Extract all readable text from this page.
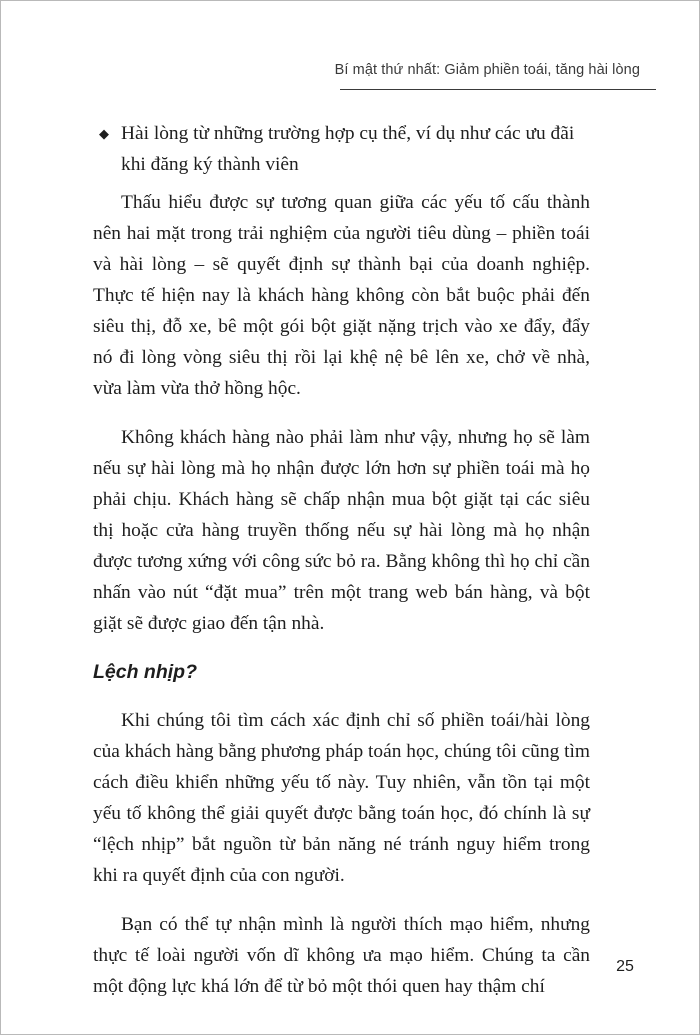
Bí mật thứ nhất: Giảm phiền toái, tăng hài lòng
◆ Hài lòng từ những trường hợp cụ thể, ví dụ như các ưu đãi khi đăng ký thành viên

Thấu hiểu được sự tương quan giữa các yếu tố cấu thành nên hai mặt trong trải nghiệm của người tiêu dùng – phiền toái và hài lòng – sẽ quyết định sự thành bại của doanh nghiệp. Thực tế hiện nay là khách hàng không còn bắt buộc phải đến siêu thị, đỗ xe, bê một gói bột giặt nặng trịch vào xe đẩy, đẩy nó đi lòng vòng siêu thị rồi lại khệ nệ bê lên xe, chở về nhà, vừa làm vừa thở hồng hộc.

Không khách hàng nào phải làm như vậy, nhưng họ sẽ làm nếu sự hài lòng mà họ nhận được lớn hơn sự phiền toái mà họ phải chịu. Khách hàng sẽ chấp nhận mua bột giặt tại các siêu thị hoặc cửa hàng truyền thống nếu sự hài lòng mà họ nhận được tương xứng với công sức bỏ ra. Bằng không thì họ chỉ cần nhấn vào nút “đặt mua” trên một trang web bán hàng, và bột giặt sẽ được giao đến tận nhà.

Lệch nhịp?

Khi chúng tôi tìm cách xác định chỉ số phiền toái/hài lòng của khách hàng bằng phương pháp toán học, chúng tôi cũng tìm cách điều khiển những yếu tố này. Tuy nhiên, vẫn tồn tại một yếu tố không thể giải quyết được bằng toán học, đó chính là sự “lệch nhịp” bắt nguồn từ bản năng né tránh nguy hiểm trong khi ra quyết định của con người.

Bạn có thể tự nhận mình là người thích mạo hiểm, nhưng thực tế loài người vốn dĩ không ưa mạo hiểm. Chúng ta cần một động lực khá lớn để từ bỏ một thói quen hay thậm chí

25
